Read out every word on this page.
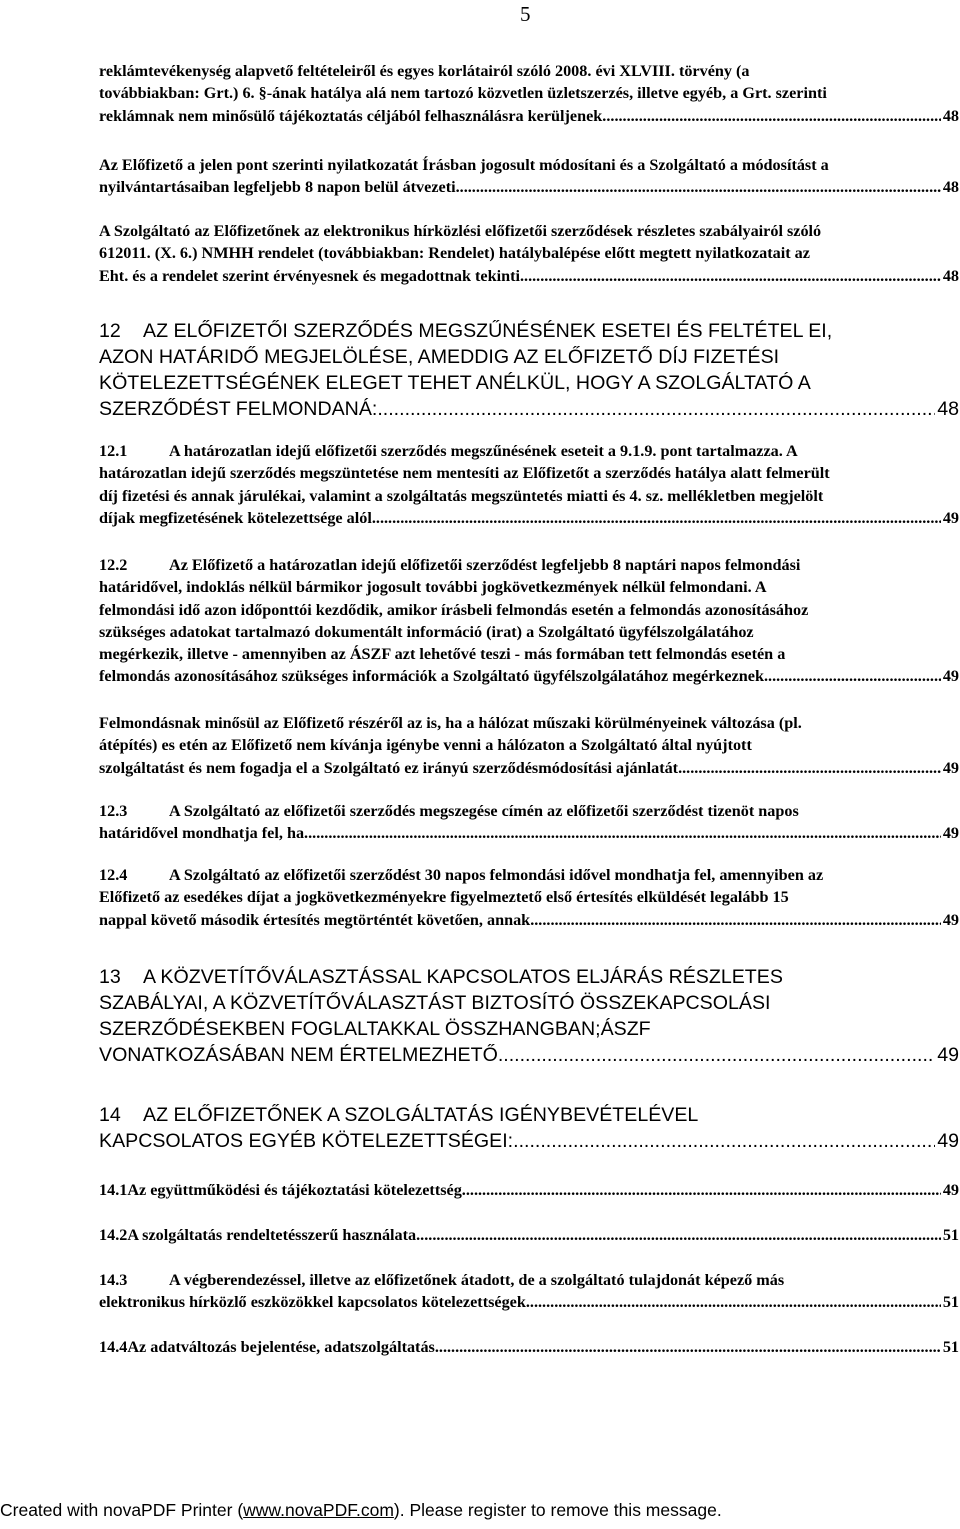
5
reklámtevékenység alapvető feltételeiről és egyes korlátairól szóló 2008. évi XLVIII. törvény (a
továbbiakban: Grt.) 6. §-ának hatálya alá nem tartozó közvetlen üzletszerzés, illetve egyéb, a Grt. szerinti
reklámnak nem minősülő tájékoztatás céljából felhasználásra kerüljenek. .....	48
Az Előfizető a jelen pont szerinti nyilatkozatát Írásban jogosult módosítani és a Szolgáltató a módosítást a
nyilvántartásaiban legfeljebb 8 napon belül átvezeti. .....	48
A Szolgáltató az Előfizetőnek az elektronikus hírközlési előfizetői szerződések részletes szabályairól szóló
612011. (X. 6.) NMHH rendelet (továbbiakban: Rendelet) hatálybalépése előtt megtett nyilatkozatait az
Eht. és a rendelet szerint érvényesnek és megadottnak tekinti. .....	48
12	AZ ELŐFIZETŐI SZERZŐDÉS MEGSZŰNÉSÉNEK ESETEI ÉS FELTÉTEL EI,
AZON HATÁRIDŐ MEGJELÖLÉSE, AMEDDIG AZ ELŐFIZETŐ DÍJ FIZETÉSI
KÖTELEZETTSÉGÉNEK ELEGET TEHET ANÉLKÜL, HOGY A SZOLGÁLTATÓ A
SZERZŐDÉST FELMONDANÁ: .....	48
12.1	A határozatlan idejű előfizetői szerződés megszűnésének eseteit a 9.1.9. pont tartalmazza. A
határozatlan idejű szerződés megszüntetése nem mentesíti az Előfizetőt a szerződés hatálya alatt felmerült
díj fizetési és annak járulékai, valamint a szolgáltatás megszüntetés miatti és 4. sz. mellékletben megjelölt
díjak megfizetésének kötelezettsége alól. .....	49
12.2	Az Előfizető a határozatlan idejű előfizetői szerződést legfeljebb 8 naptári napos felmondási
határidővel, indoklás nélkül bármikor jogosult további jogkövetkezmények nélkül felmondani. A
felmondási idő azon időponttói kezdődik, amikor írásbeli felmondás esetén a felmondás azonosításához
szükséges adatokat tartalmazó dokumentált információ (irat) a Szolgáltató ügyfélszolgálatához
megérkezik, illetve - amennyiben az ÁSZF azt lehetővé teszi - más formában tett felmondás esetén a
felmondás azonosításához szükséges információk a Szolgáltató ügyfélszolgálatához megérkeznek. .....	49
Felmondásnak minősül az Előfizető részéről az is, ha a hálózat műszaki körülményeinek változása (pl.
átépítés) es etén az Előfizető nem kívánja igénybe venni a hálózaton a Szolgáltató által nyújtott
szolgáltatást és nem fogadja el a Szolgáltató ez irányú szerződésmódosítási ajánlatát. .....	49
12.3	A Szolgáltató az előfizetői szerződés megszegése címén az előfizetői szerződést tizenöt napos
határidővel mondhatja fel, ha. .....	49
12.4	A Szolgáltató az előfizetői szerződést 30 napos felmondási idővel mondhatja fel, amennyiben az
Előfizető az esedékes díjat a jogkövetkezményekre figyelmeztető első értesítés elküldését legalább 15
nappal követő második értesítés megtörténtét követően, annak. .....	49
13	A KÖZVETÍTŐVÁLASZTÁSSAL KAPCSOLATOS ELJÁRÁS RÉSZLETES
SZABÁLYAI, A KÖZVETÍTŐVÁLASZTÁST BIZTOSÍTÓ ÖSSZEKAPCSOLÁSI
SZERZŐDÉSEKBEN FOGLALTAKKAL ÖSSZHANGBAN;ÁSZF
VONATKOZÁSÁBAN NEM ÉRTELMEZHETŐ. .....	49
14	AZ ELŐFIZETŐNEK A SZOLGÁLTATÁS IGÉNYBEVÉTELÉVEL
KAPCSOLATOS EGYÉB KÖTELEZETTSÉGEI: .....	49
14.1 Az együttműködési és tájékoztatási kötelezettség .....	49
14.2 A szolgáltatás rendeltetésszerű használata .....	51
14.3	A végberendezéssel, illetve az előfizetőnek átadott, de a szolgáltató tulajdonát képező más
elektronikus hírközlő eszközökkel kapcsolatos kötelezettségek .....	51
14.4 Az adatváltozás bejelentése, adatszolgáltatás .....	51
Created with novaPDF Printer (www.novaPDF.com). Please register to remove this message.
